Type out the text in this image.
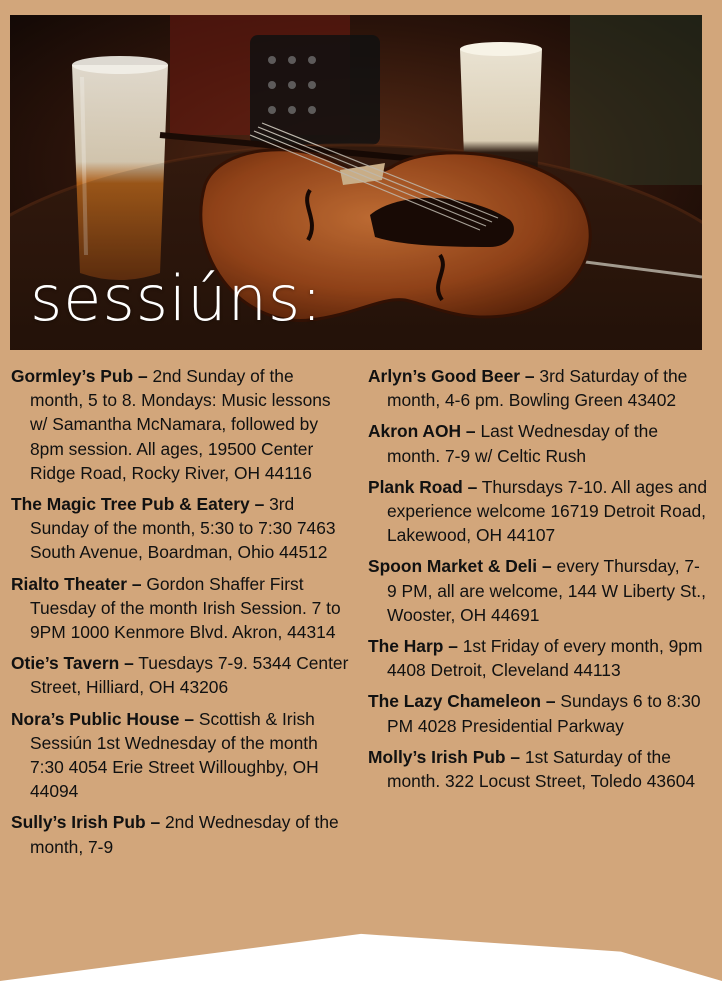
sessiúns:
Gormley’s Pub – 2nd Sunday of the month, 5 to 8. Mondays: Music lessons w/ Samantha McNamara, followed by 8pm session. All ages, 19500 Center Ridge Road, Rocky River, OH 44116
The Magic Tree Pub & Eatery – 3rd Sunday of the month, 5:30 to 7:30 7463 South Avenue, Boardman, Ohio 44512
Rialto Theater – Gordon Shaffer First Tuesday of the month Irish Session. 7 to 9PM 1000 Kenmore Blvd. Akron, 44314
Otie’s Tavern – Tuesdays 7-9. 5344 Center Street, Hilliard, OH 43206
Nora’s Public House – Scottish & Irish Sessiún 1st Wednesday of the month 7:30 4054 Erie Street Willoughby, OH 44094
Sully’s Irish Pub – 2nd Wednesday of the month, 7-9
Arlyn’s Good Beer – 3rd Saturday of the month, 4-6 pm. Bowling Green 43402
Akron AOH – Last Wednesday of the month. 7-9 w/ Celtic Rush
Plank Road – Thursdays 7-10. All ages and experience welcome 16719 Detroit Road, Lakewood, OH 44107
Spoon Market & Deli – every Thursday, 7-9 PM, all are welcome, 144 W Liberty St., Wooster, OH 44691
The Harp – 1st Friday of every month, 9pm 4408 Detroit, Cleveland 44113
The Lazy Chameleon – Sundays 6 to 8:30 PM 4028 Presidential Parkway
Molly’s Irish Pub – 1st Saturday of the month. 322 Locust Street, Toledo 43604
